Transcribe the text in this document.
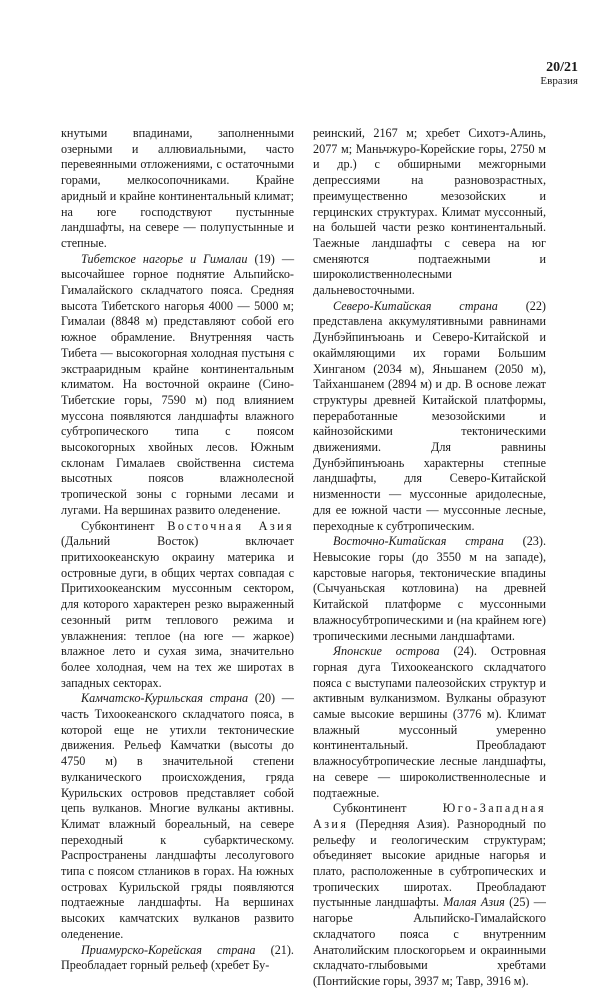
20/21
Евразия

кнутыми впадинами, заполненными озерными и аллювиальными, часто перевеянными отложениями, с остаточными горами, мелкосопочниками. Крайне аридный и крайне континентальный климат; на юге господствуют пустынные ландшафты, на севере — полупустынные и степные.

Тибетское нагорье и Гималаи (19) — высочайшее горное поднятие Альпийско-Гималайского складчатого пояса. Средняя высота Тибетского нагорья 4000 — 5000 м; Гималаи (8848 м) представляют собой его южное обрамление. Внутренняя часть Тибета — высокогорная холодная пустыня с экстрааридным крайне континентальным климатом. На восточной окраине (Сино-Тибетские горы, 7590 м) под влиянием муссона появляются ландшафты влажного субтропического типа с поясом высокогорных хвойных лесов. Южным склонам Гималаев свойственна система высотных поясов влажнолесной тропической зоны с горными лесами и лугами. На вершинах развито оледенение.

Субконтинент Восточная Азия (Дальний Восток) включает притихоокеанскую окраину материка и островные дуги, в общих чертах совпадая с Притихоокеанским муссонным сектором, для которого характерен резко выраженный сезонный ритм теплового режима и увлажнения: теплое (на юге — жаркое) влажное лето и сухая зима, значительно более холодная, чем на тех же широтах в западных секторах.

Камчатско-Курильская страна (20) — часть Тихоокеанского складчатого пояса, в которой еще не утихли тектонические движения. Рельеф Камчатки (высоты до 4750 м) в значительной степени вулканического происхождения, гряда Курильских островов представляет собой цепь вулканов. Многие вулканы активны. Климат влажный бореальный, на севере переходный к субарктическому. Распространены ландшафты лесолугового типа с поясом стлаников в горах. На южных островах Курильской гряды появляются подтаежные ландшафты. На вершинах высоких камчатских вулканов развито оледенение.

Приамурско-Корейская страна (21). Преобладает горный рельеф (хребет Бу-

реинский, 2167 м; хребет Сихотэ-Алинь, 2077 м; Маньчжуро-Корейские горы, 2750 м и др.) с обширными межгорными депрессиями на разновозрастных, преимущественно мезозойских и герцинских структурах. Климат муссонный, на большей части резко континентальный. Таежные ландшафты с севера на юг сменяются подтаежными и широколиственнолесными дальневосточными.

Северо-Китайская страна (22) представлена аккумулятивными равнинами Дунбэйпинъюань и Северо-Китайской и окаймляющими их горами Большим Хинганом (2034 м), Яньшанем (2050 м), Тайханшанем (2894 м) и др. В основе лежат структуры древней Китайской платформы, переработанные мезозойскими и кайнозойскими тектоническими движениями. Для равнины Дунбэйпинъюань характерны степные ландшафты, для Северо-Китайской низменности — муссонные аридолесные, для ее южной части — муссонные лесные, переходные к субтропическим.

Восточно-Китайская страна (23). Невысокие горы (до 3550 м на западе), карстовые нагорья, тектонические впадины (Сычуаньская котловина) на древней Китайской платформе с муссонными влажносубтропическими и (на крайнем юге) тропическими лесными ландшафтами.

Японские острова (24). Островная горная дуга Тихоокеанского складчатого пояса с выступами палеозойских структур и активным вулканизмом. Вулканы образуют самые высокие вершины (3776 м). Климат влажный муссонный умеренно континентальный. Преобладают влажносубтропические лесные ландшафты, на севере — широколиственнолесные и подтаежные.

Субконтинент Юго-Западная Азия (Передняя Азия). Разнородный по рельефу и геологическим структурам; объединяет высокие аридные нагорья и плато, расположенные в субтропических и тропических широтах. Преобладают пустынные ландшафты. Малая Азия (25) — нагорье Альпийско-Гималайского складчатого пояса с внутренним Анатолийским плоскогорьем и окраинными складчато-глыбовыми хребтами (Понтийские горы, 3937 м; Тавр, 3916 м).
